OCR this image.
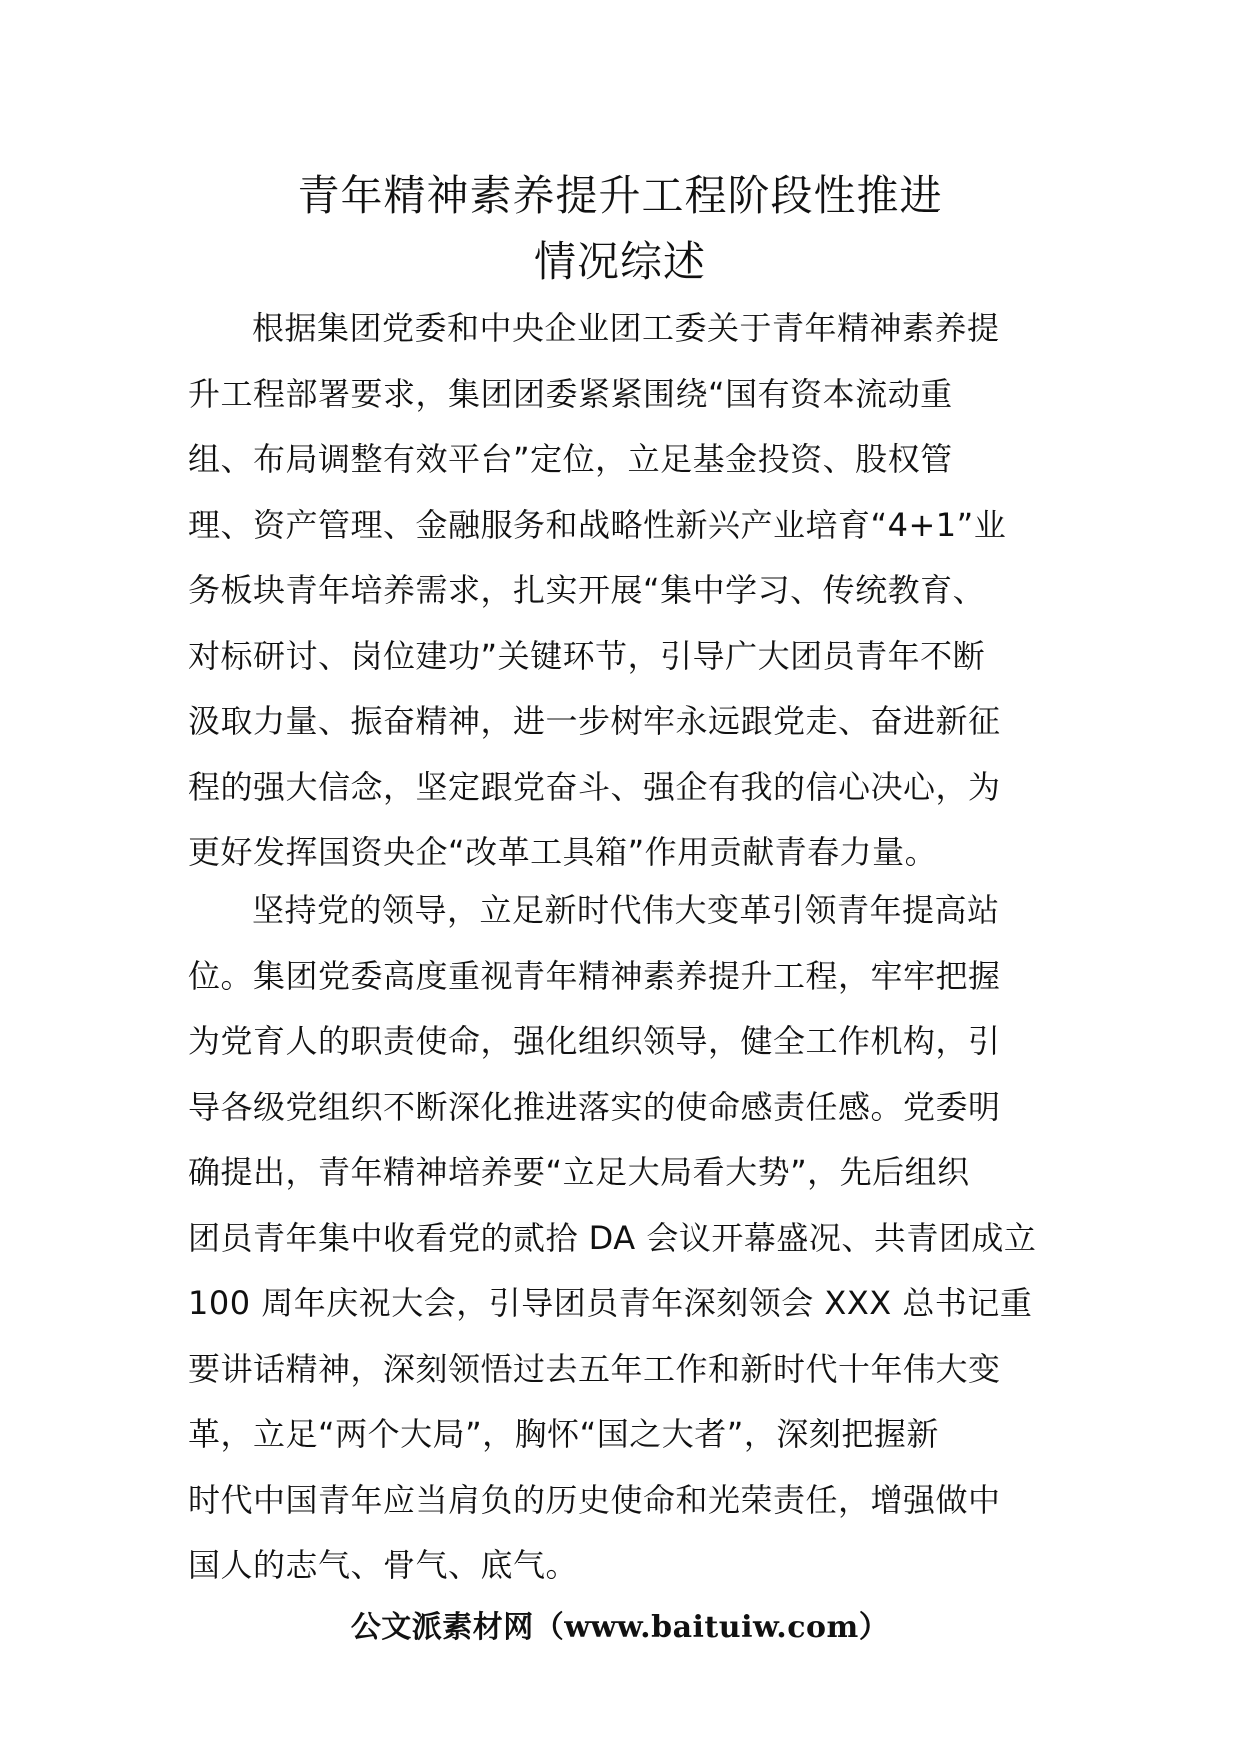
青年精神素养提升工程阶段性推进
情况综述

根据集团党委和中央企业团工委关于青年精神素养提
升工程部署要求，集团团委紧紧围绕“国有资本流动重
组、布局调整有效平台”定位，立足基金投资、股权管
理、资产管理、金融服务和战略性新兴产业培育“4+1”业
务板块青年培养需求，扎实开展“集中学习、传统教育、
对标研讨、岗位建功”关键环节，引导广大团员青年不断
汲取力量、振奋精神，进一步树牢永远跟党走、奋进新征
程的强大信念，坚定跟党奋斗、强企有我的信心决心，为
更好发挥国资央企“改革工具箱”作用贡献青春力量。

坚持党的领导，立足新时代伟大变革引领青年提高站
位。集团党委高度重视青年精神素养提升工程，牢牢把握
为党育人的职责使命，强化组织领导，健全工作机构，引
导各级党组织不断深化推进落实的使命感责任感。党委明
确提出，青年精神培养要“立足大局看大势”，先后组织
团员青年集中收看党的贰拾 DA 会议开幕盛况、共青团成立
100 周年庆祝大会，引导团员青年深刻领会 XXX 总书记重
要讲话精神，深刻领悟过去五年工作和新时代十年伟大变
革，立足“两个大局”，胸怀“国之大者”，深刻把握新
时代中国青年应当肩负的历史使命和光荣责任，增强做中
国人的志气、骨气、底气。

公文派素材网（www.baituiw.com）
